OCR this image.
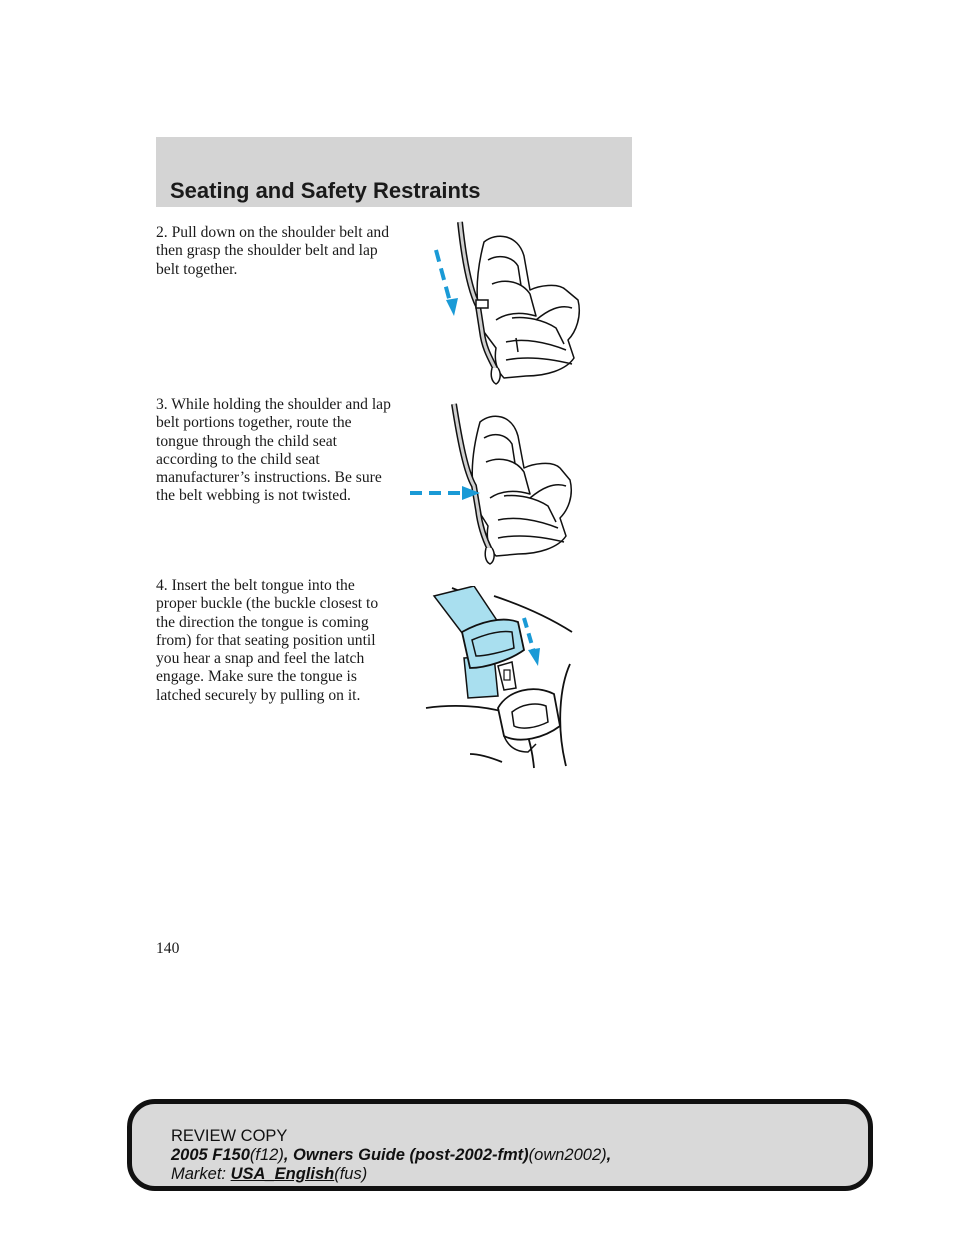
Seating and Safety Restraints

2. Pull down on the shoulder belt and then grasp the shoulder belt and lap belt together.

3. While holding the shoulder and lap belt portions together, route the tongue through the child seat according to the child seat manufacturer’s instructions. Be sure the belt webbing is not twisted.

4. Insert the belt tongue into the proper buckle (the buckle closest to the direction the tongue is coming from) for that seating position until you hear a snap and feel the latch engage. Make sure the tongue is latched securely by pulling on it.

140

REVIEW COPY
2005 F150(f12), Owners Guide (post-2002-fmt)(own2002),
Market: USA_English(fus)
